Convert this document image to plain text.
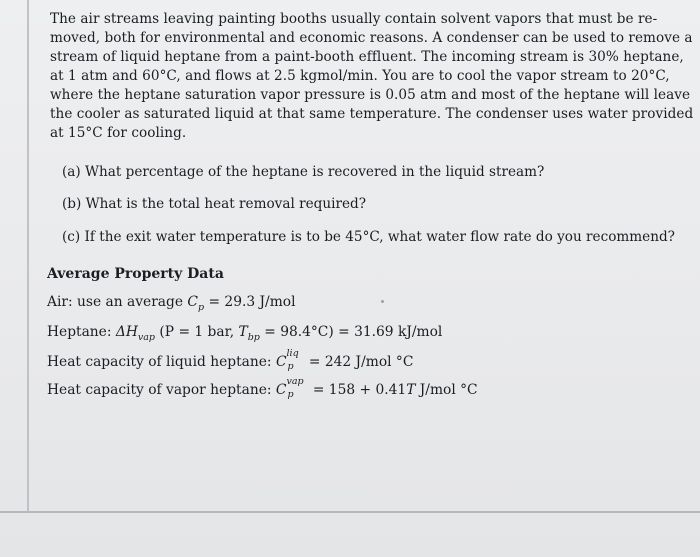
The air streams leaving painting booths usually contain solvent vapors that must be re-
moved, both for environmental and economic reasons. A condenser can be used to remove a
stream of liquid heptane from a paint-booth effluent. The incoming stream is 30% heptane,
at 1 atm and 60°C, and flows at 2.5 kgmol/min. You are to cool the vapor stream to 20°C,
where the heptane saturation vapor pressure is 0.05 atm and most of the heptane will leave
the cooler as saturated liquid at that same temperature. The condenser uses water provided
at 15°C for cooling.
(a) What percentage of the heptane is recovered in the liquid stream?
(b) What is the total heat removal required?
(c) If the exit water temperature is to be 45°C, what water flow rate do you recommend?
Average Property Data
Air: use an average $C_p = 29.3$ J/mol
Heptane: $\Delta H_{vap}$ (P = 1 bar, $T_{bp} = 98.4^\circ C) = 31.69$ kJ/mol
Heat capacity of liquid heptane: C
liq
p = 242 J/mol °C
Heat capacity of vapor heptane: C
vap
p = 158 + 0.41T J/mol °C
